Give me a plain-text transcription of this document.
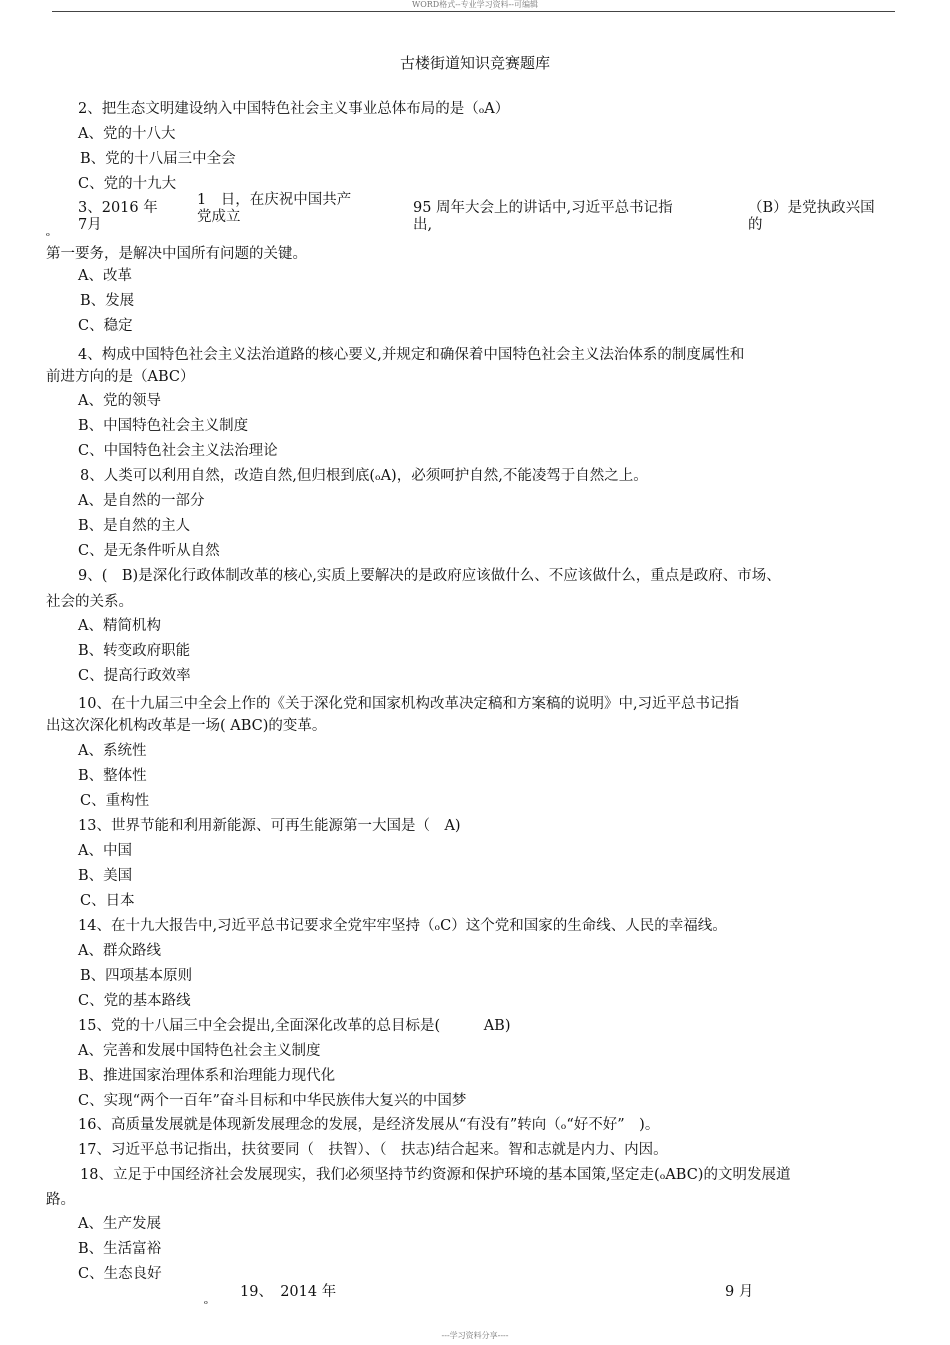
WORD格式--专业学习资料--可编辑
古楼街道知识竞赛题库
2、把生态文明建设纳入中国特色社会主义事业总体布局的是（ₒA）
A、党的十八大
B、党的十八届三中全会
C、党的十九大
3、2016 年
7月
1　日，在庆祝中国共产
党成立
95 周年大会上的讲话中,习近平总书记指
出,
（B）是党执政兴国
的
ₒ
第一要务，是解决中国所有问题的关键。
A、改革
B、发展
C、稳定
4、构成中国特色社会主义法治道路的核心要义,并规定和确保着中国特色社会主义法治体系的制度属性和
前进方向的是（ABC）
A、党的领导
B、中国特色社会主义制度
C、中国特色社会主义法治理论
8、人类可以利用自然，改造自然,但归根到底(ₒA)，必须呵护自然,不能凌驾于自然之上。
A、是自然的一部分
B、是自然的主人
C、是无条件听从自然
9、(　B)是深化行政体制改革的核心,实质上要解决的是政府应该做什么、不应该做什么，重点是政府、市场、
社会的关系。
A、精简机构
B、转变政府职能
C、提高行政效率
10、在十九届三中全会上作的《关于深化党和国家机构改革决定稿和方案稿的说明》中,习近平总书记指
出这次深化机构改革是一场( ABC)的变革。
A、系统性
B、整体性
C、重构性
13、世界节能和利用新能源、可再生能源第一大国是（　A)
A、中国
B、美国
C、日本
14、在十九大报告中,习近平总书记要求全党牢牢坚持（ₒC）这个党和国家的生命线、人民的幸福线。
A、群众路线
B、四项基本原则
C、党的基本路线
15、党的十八届三中全会提出,全面深化改革的总目标是(　　　AB)
A、完善和发展中国特色社会主义制度
B、推进国家治理体系和治理能力现代化
C、实现“两个一百年”奋斗目标和中华民族伟大复兴的中国梦
16、高质量发展就是体现新发展理念的发展，是经济发展从“有没有”转向（ₒ“好不好”　)。
17、习近平总书记指出，扶贫要同（　扶智）、（　扶志)结合起来。智和志就是内力、内因。
18、立足于中国经济社会发展现实，我们必须坚持节约资源和保护环境的基本国策,坚定走(ₒABC)的文明发展道
路。
A、生产发展
B、生活富裕
C、生态良好
ₒ
19、　2014 年	9 月
---学习资料分享----
